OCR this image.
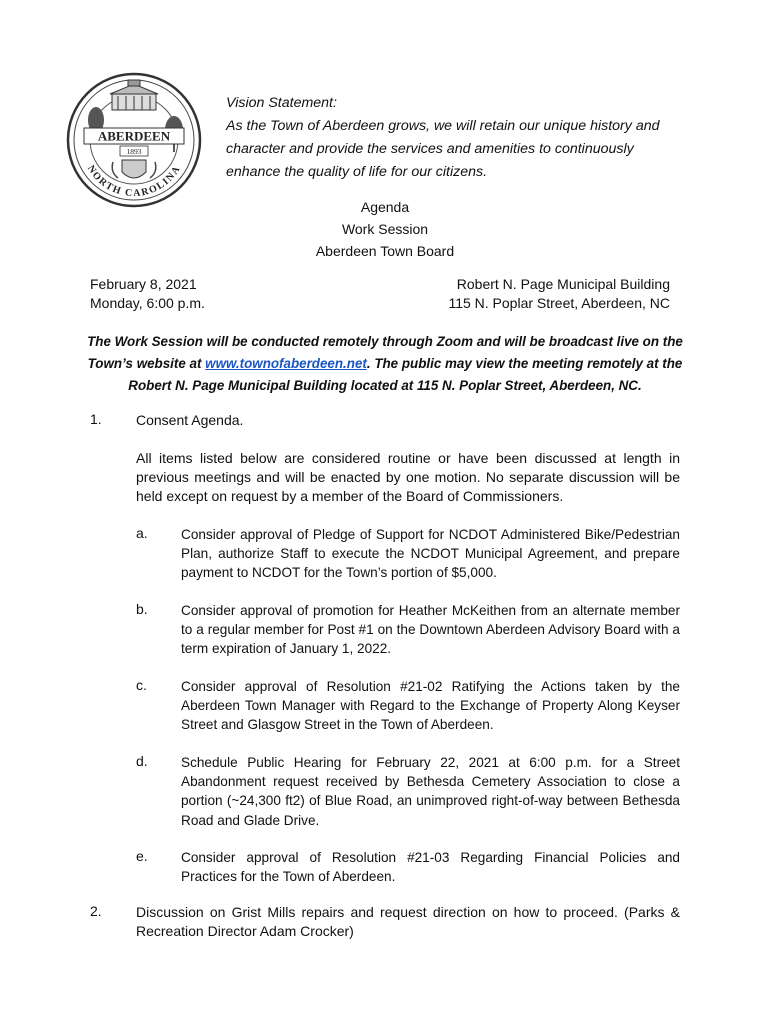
ABERDEEN
1893
NORTH CAROLINA
Vision Statement:
As the Town of Aberdeen grows, we will retain our unique history and
character and provide the services and amenities to continuously
enhance the quality of life for our citizens.
Agenda
Work Session
Aberdeen Town Board
February 8, 2021
Monday, 6:00 p.m.
Robert N. Page Municipal Building
115 N. Poplar Street, Aberdeen, NC
The Work Session will be conducted remotely through Zoom and will be broadcast live on the Town’s website at www.townofaberdeen.net. The public may view the meeting remotely at the Robert N. Page Municipal Building located at 115 N. Poplar Street, Aberdeen, NC.
1. Consent Agenda.
All items listed below are considered routine or have been discussed at length in previous meetings and will be enacted by one motion. No separate discussion will be held except on request by a member of the Board of Commissioners.
a. Consider approval of Pledge of Support for NCDOT Administered Bike/Pedestrian Plan, authorize Staff to execute the NCDOT Municipal Agreement, and prepare payment to NCDOT for the Town’s portion of $5,000.
b. Consider approval of promotion for Heather McKeithen from an alternate member to a regular member for Post #1 on the Downtown Aberdeen Advisory Board with a term expiration of January 1, 2022.
c.	Consider approval of Resolution #21-02 Ratifying the Actions taken by the Aberdeen Town Manager with Regard to the Exchange of Property Along Keyser Street and Glasgow Street in the Town of Aberdeen.
d. Schedule Public Hearing for February 22, 2021 at 6:00 p.m. for a Street Abandonment request received by Bethesda Cemetery Association to close a portion (~24,300 ft2) of Blue Road, an unimproved right-of-way between Bethesda Road and Glade Drive.
e. Consider approval of Resolution #21-03 Regarding Financial Policies and Practices for the Town of Aberdeen.
2. Discussion on Grist Mills repairs and request direction on how to proceed. (Parks & Recreation Director Adam Crocker)
